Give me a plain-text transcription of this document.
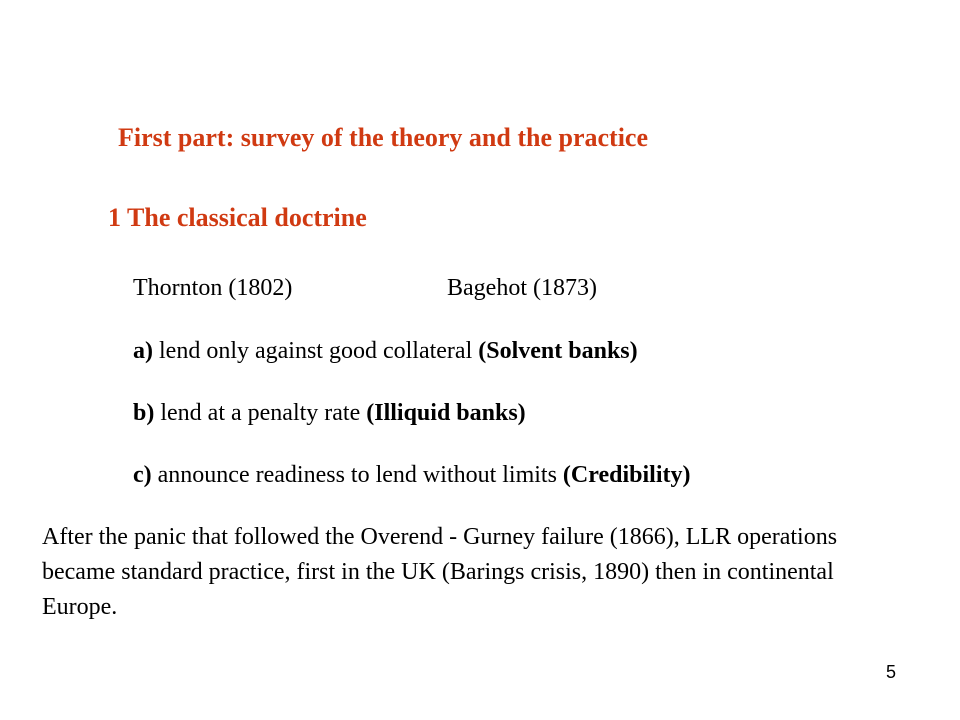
First part: survey of the theory and the practice
1 The classical doctrine
Thornton (1802)	Bagehot (1873)
a) lend only against good collateral (Solvent banks)
b) lend at a penalty rate (Illiquid banks)
c) announce readiness to lend without limits (Credibility)
After the panic that followed the Overend - Gurney failure (1866), LLR operations became standard practice, first in the UK (Barings crisis, 1890) then in continental Europe.
5
